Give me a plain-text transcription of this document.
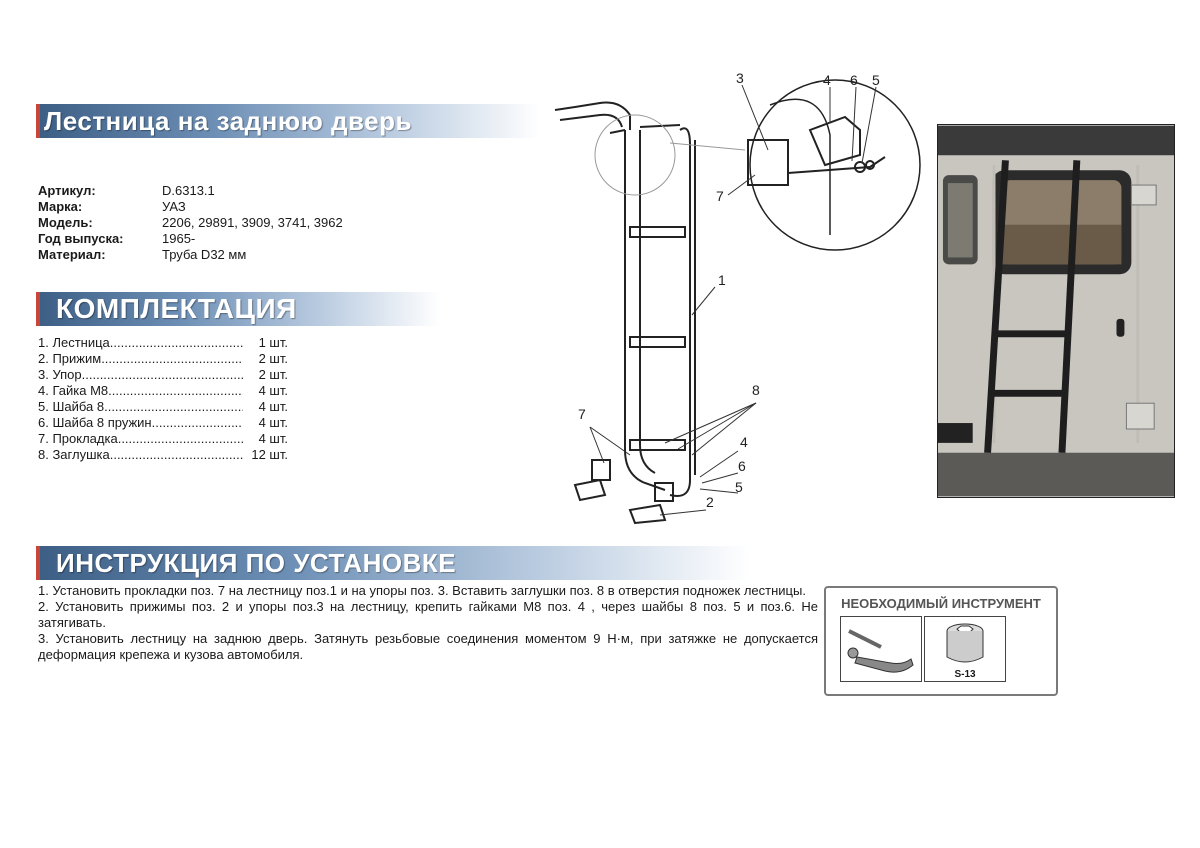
Лестница на заднюю дверь
Артикул:	D.6313.1
Марка:	УАЗ
Модель:	2206, 29891, 3909, 3741, 3962
Год выпуска:	1965-
Материал:	Труба D32 мм
КОМПЛЕКТАЦИЯ
1. Лестница .....	1 шт.
2. Прижим .....	2 шт.
3. Упор .....	2 шт.
4. Гайка М8 .....	4 шт.
5. Шайба 8 .....	4 шт.
6. Шайба 8 пружин. .....	4 шт.
7. Прокладка .....	4 шт.
8. Заглушка .....	12 шт.
1
2
3
4
5
6
7
8
4 6 5
7
ИНСТРУКЦИЯ ПО УСТАНОВКЕ

1. Установить прокладки поз. 7 на лестницу поз.1 и на упоры поз. 3. Вставить заглушки поз. 8 в отверстия подножек лестницы.

2. Установить прижимы поз. 2 и упоры поз.3 на лестницу, крепить гайками М8 поз. 4 , через шайбы 8 поз. 5 и поз.6. Не затягивать.

3. Установить лестницу на заднюю дверь. Затянуть резьбовые соединения моментом 9 Н·м, при затяжке не допускается деформация крепежа и кузова автомобиля.

НЕОБХОДИМЫЙ ИНСТРУМЕНТ
S-13
